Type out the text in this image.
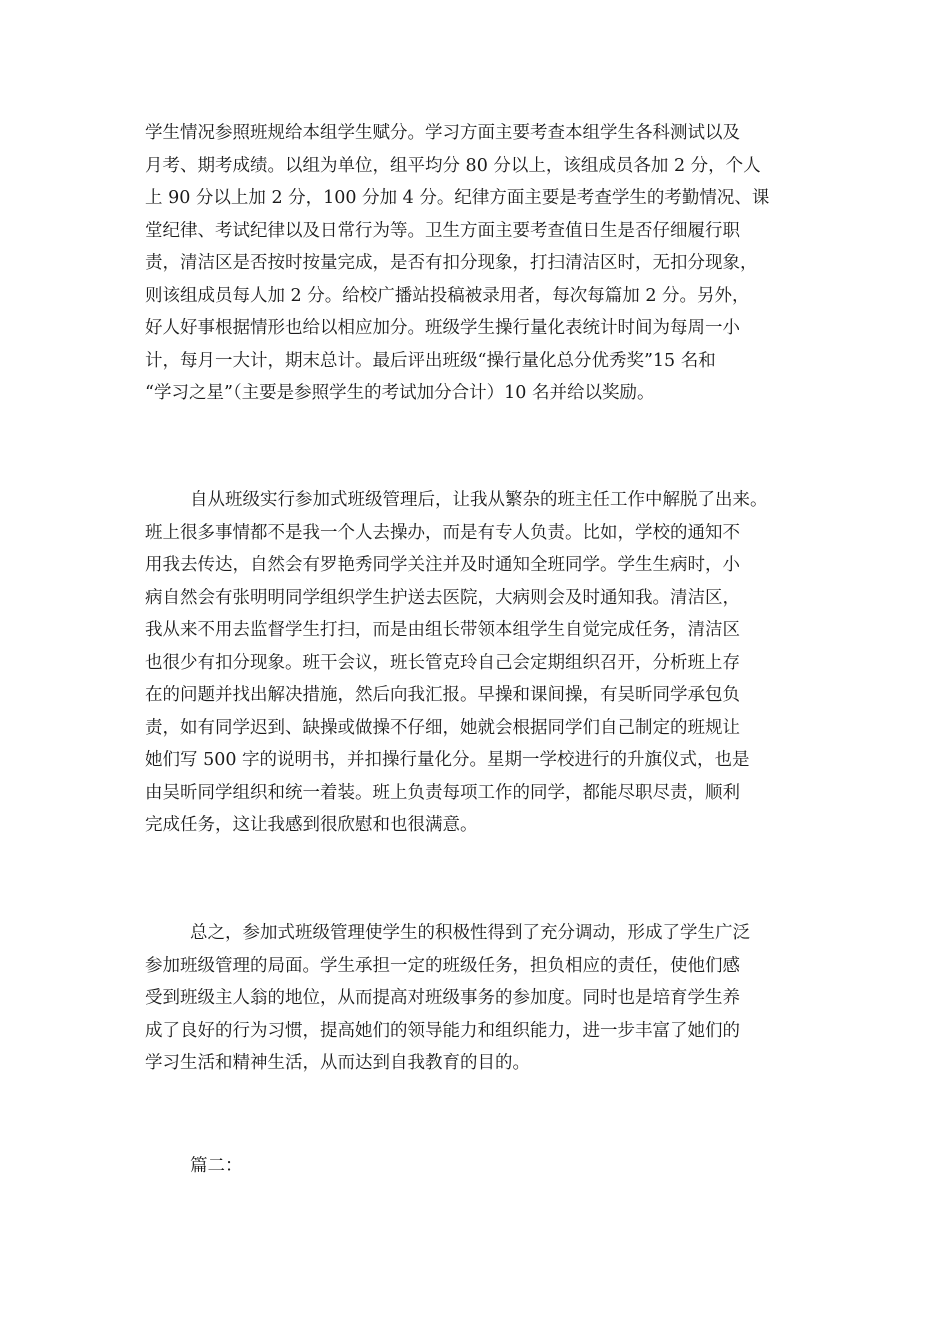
学生情况参照班规给本组学生赋分。学习方面主要考查本组学生各科测试以及
月考、期考成绩。以组为单位，组平均分 80 分以上，该组成员各加 2 分，个人
上 90 分以上加 2 分，100 分加 4 分。纪律方面主要是考查学生的考勤情况、课
堂纪律、考试纪律以及日常行为等。卫生方面主要考查值日生是否仔细履行职
责，清洁区是否按时按量完成，是否有扣分现象，打扫清洁区时，无扣分现象，
则该组成员每人加 2 分。给校广播站投稿被录用者，每次每篇加 2 分。另外，
好人好事根据情形也给以相应加分。班级学生操行量化表统计时间为每周一小
计，每月一大计，期末总计。最后评出班级“操行量化总分优秀奖”15 名和
“学习之星”（主要是参照学生的考试加分合计）10 名并给以奖励。
自从班级实行参加式班级管理后，让我从繁杂的班主任工作中解脱了出来。
班上很多事情都不是我一个人去操办，而是有专人负责。比如，学校的通知不
用我去传达，自然会有罗艳秀同学关注并及时通知全班同学。学生生病时，小
病自然会有张明明同学组织学生护送去医院，大病则会及时通知我。清洁区，
我从来不用去监督学生打扫，而是由组长带领本组学生自觉完成任务，清洁区
也很少有扣分现象。班干会议，班长管克玲自己会定期组织召开，分析班上存
在的问题并找出解决措施，然后向我汇报。早操和课间操，有吴昕同学承包负
责，如有同学迟到、缺操或做操不仔细，她就会根据同学们自己制定的班规让
她们写 500 字的说明书，并扣操行量化分。星期一学校进行的升旗仪式，也是
由吴昕同学组织和统一着装。班上负责每项工作的同学，都能尽职尽责，顺利
完成任务，这让我感到很欣慰和也很满意。
总之，参加式班级管理使学生的积极性得到了充分调动，形成了学生广泛
参加班级管理的局面。学生承担一定的班级任务，担负相应的责任，使他们感
受到班级主人翁的地位，从而提高对班级事务的参加度。同时也是培育学生养
成了良好的行为习惯，提高她们的领导能力和组织能力，进一步丰富了她们的
学习生活和精神生活，从而达到自我教育的目的。
篇二：
